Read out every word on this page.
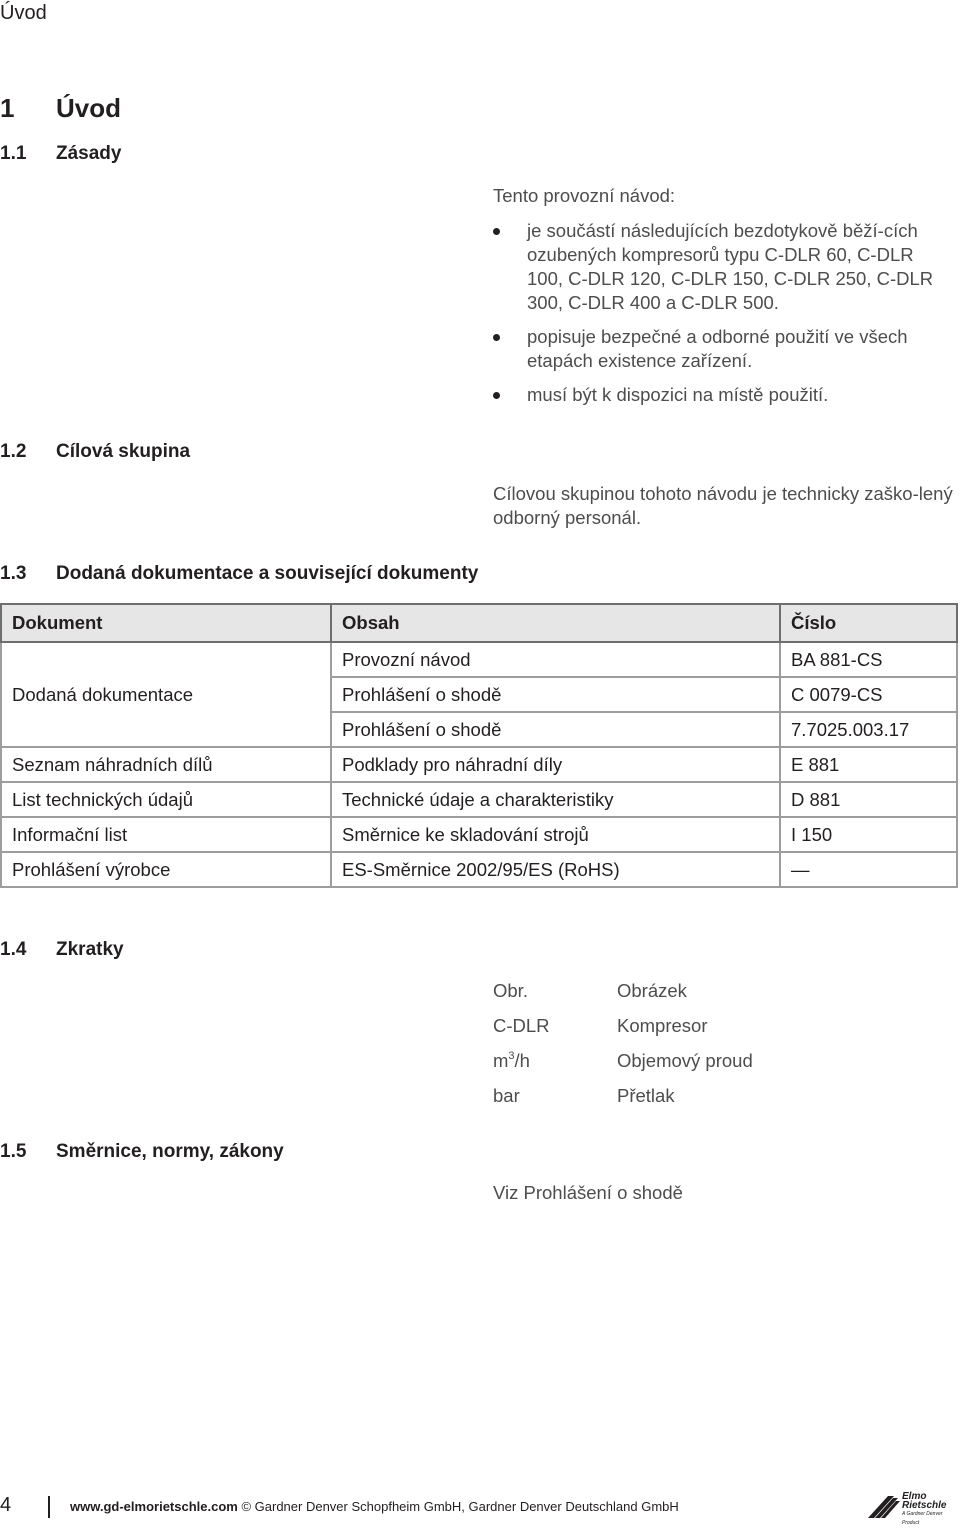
Úvod
1 Úvod
1.1 Zásady
Tento provozní návod:
je součástí následujících bezdotykově běží-cích ozubených kompresorů typu C-DLR 60, C-DLR 100, C-DLR 120, C-DLR 150, C-DLR 250, C-DLR 300, C-DLR 400 a C-DLR 500.
popisuje bezpečné a odborné použití ve všech etapách existence zařízení.
musí být k dispozici na místě použití.
1.2 Cílová skupina
Cílovou skupinou tohoto návodu je technicky zaško-lený odborný personál.
1.3 Dodaná dokumentace a související dokumenty
Dokument	Obsah	Číslo
Dodaná dokumentace	Provozní návod	BA 881-CS
	Prohlášení o shodě	C 0079-CS
	Prohlášení o shodě	7.7025.003.17
Seznam náhradních dílů	Podklady pro náhradní díly	E 881
List technických údajů	Technické údaje a charakteristiky	D 881
Informační list	Směrnice ke skladování strojů	I 150
Prohlášení výrobce	ES-Směrnice 2002/95/ES (RoHS)	—
1.4 Zkratky
Obr.	Obrázek
C-DLR	Kompresor
$m^3/h$	Objemový proud
bar	Přetlak
1.5 Směrnice, normy, zákony
Viz Prohlášení o shodě
4	www.gd-elmorietschle.com © Gardner Denver Schopfheim GmbH, Gardner Denver Deutschland GmbH
Elmo
Rietschle
A Gardner Denver Product
